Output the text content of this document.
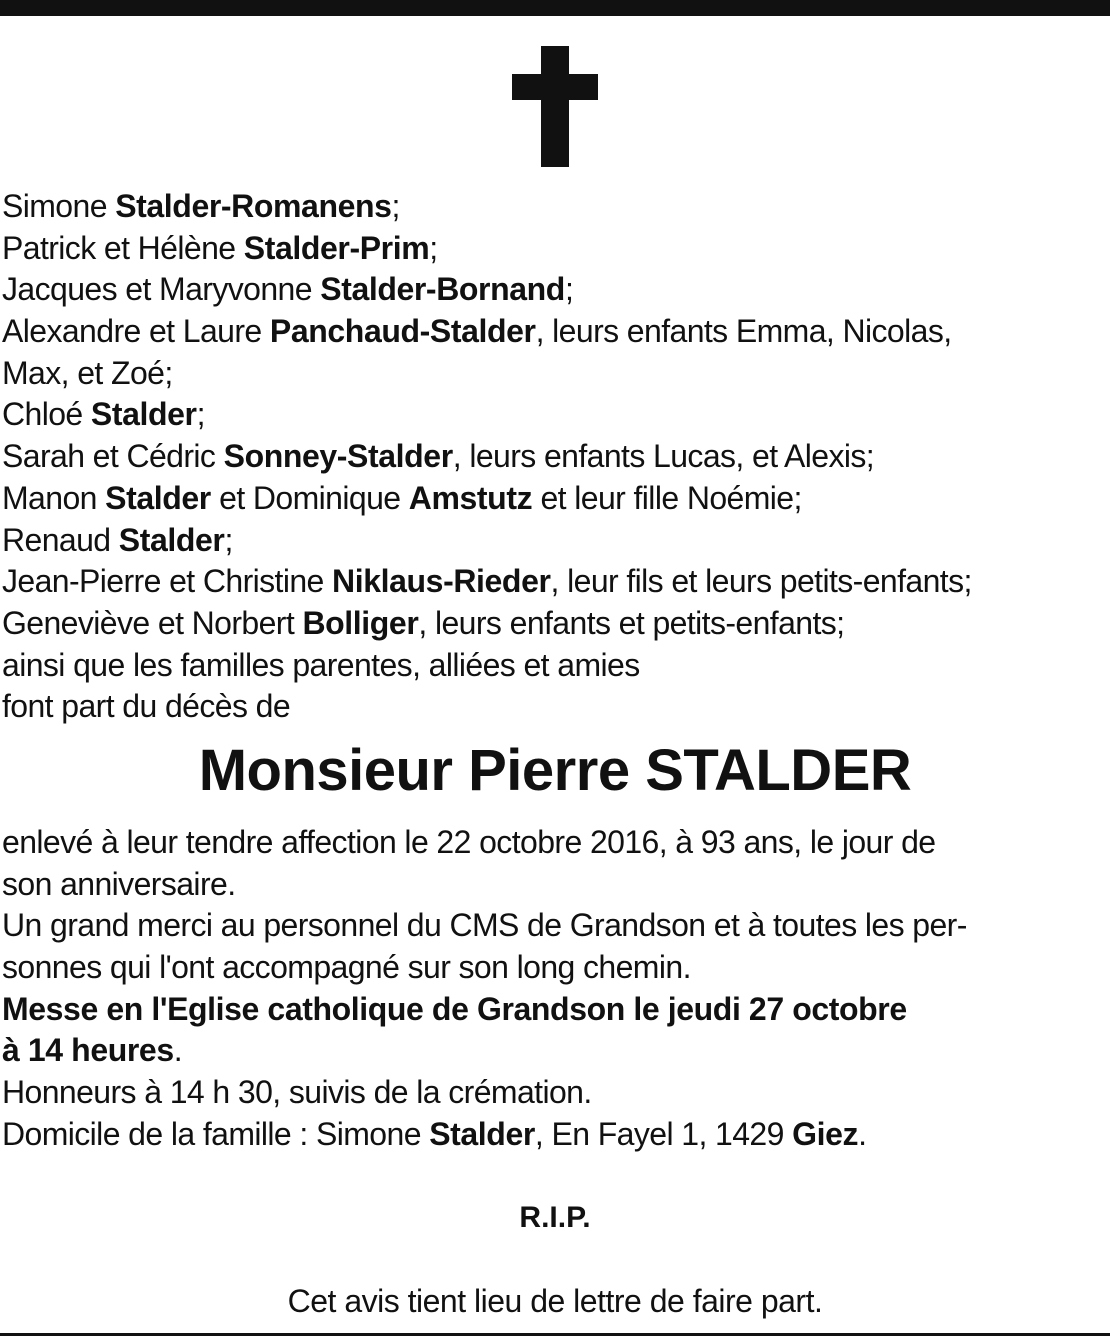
Simone Stalder-Romanens;
Patrick et Hélène Stalder-Prim;
Jacques et Maryvonne Stalder-Bornand;
Alexandre et Laure Panchaud-Stalder, leurs enfants Emma, Nicolas,
Max, et Zoé;
Chloé Stalder;
Sarah et Cédric Sonney-Stalder, leurs enfants Lucas, et Alexis;
Manon Stalder et Dominique Amstutz et leur fille Noémie;
Renaud Stalder;
Jean-Pierre et Christine Niklaus-Rieder, leur fils et leurs petits-enfants;
Geneviève et Norbert Bolliger, leurs enfants et petits-enfants;
ainsi que les familles parentes, alliées et amies
font part du décès de
Monsieur Pierre STALDER
enlevé à leur tendre affection le 22 octobre 2016, à 93 ans, le jour de
son anniversaire.
Un grand merci au personnel du CMS de Grandson et à toutes les per-
sonnes qui l'ont accompagné sur son long chemin.
Messe en l'Eglise catholique de Grandson le jeudi 27 octobre
à 14 heures.
Honneurs à 14 h 30, suivis de la crémation.
Domicile de la famille : Simone Stalder, En Fayel 1, 1429 Giez.
R.I.P.
Cet avis tient lieu de lettre de faire part.
